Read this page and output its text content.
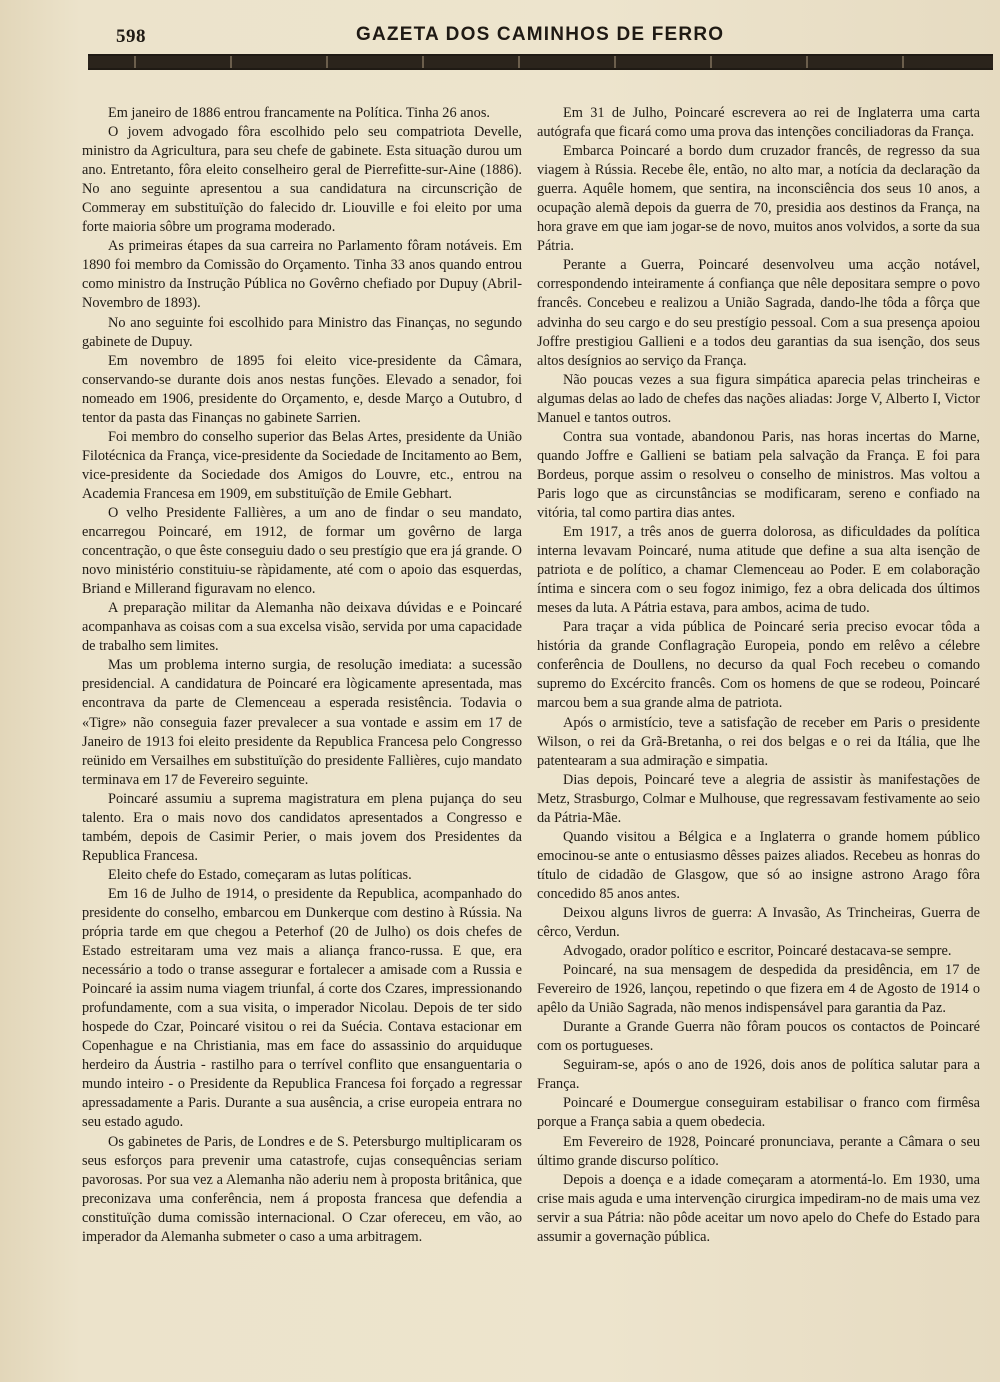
598	GAZETA DOS CAMINHOS DE FERRO

Em janeiro de 1886 entrou francamente na Política. Tinha 26 anos.

O jovem advogado fôra escolhido pelo seu compatriota Develle, ministro da Agricultura, para seu chefe de gabinete. Esta situação durou um ano. Entretanto, fôra eleito conselheiro geral de Pierrefitte-sur-Aine (1886). No ano seguinte apresentou a sua candidatura na circunscrição de Commeray em substituïção do falecido dr. Liouville e foi eleito por uma forte maioria sôbre um programa moderado.

As primeiras étapes da sua carreira no Parlamento fôram notáveis. Em 1890 foi membro da Comissão do Orçamento. Tinha 33 anos quando entrou como ministro da Instrução Pública no Govêrno chefiado por Dupuy (Abril-Novembro de 1893).

No ano seguinte foi escolhido para Ministro das Finanças, no segundo gabinete de Dupuy.

Em novembro de 1895 foi eleito vice-presidente da Câmara, conservando-se durante dois anos nestas funções. Elevado a senador, foi nomeado em 1906, presidente do Orçamento, e, desde Março a Outubro, d tentor da pasta das Finanças no gabinete Sarrien.

Foi membro do conselho superior das Belas Artes, presidente da União Filotécnica da França, vice-presidente da Sociedade de Incitamento ao Bem, vice-presidente da Sociedade dos Amigos do Louvre, etc., entrou na Academia Francesa em 1909, em substituïção de Emile Gebhart.

O velho Presidente Fallières, a um ano de findar o seu mandato, encarregou Poincaré, em 1912, de formar um govêrno de larga concentração, o que êste conseguiu dado o seu prestígio que era já grande. O novo ministério constituiu-se ràpidamente, até com o apoio das esquerdas, Briand e Millerand figuravam no elenco.

A preparação militar da Alemanha não deixava dúvidas e e Poincaré acompanhava as coisas com a sua excelsa visão, servida por uma capacidade de trabalho sem limites.

Mas um problema interno surgia, de resolução imediata: a sucessão presidencial. A candidatura de Poincaré era lògicamente apresentada, mas encontrava da parte de Clemenceau a esperada resistência. Todavia o «Tigre» não conseguia fazer prevalecer a sua vontade e assim em 17 de Janeiro de 1913 foi eleito presidente da Republica Francesa pelo Congresso reünido em Versailhes em substituïção do presidente Fallières, cujo mandato terminava em 17 de Fevereiro seguinte.

Poincaré assumiu a suprema magistratura em plena pujança do seu talento. Era o mais novo dos candidatos apresentados a Congresso e também, depois de Casimir Perier, o mais jovem dos Presidentes da Republica Francesa.

Eleito chefe do Estado, começaram as lutas políticas.

Em 16 de Julho de 1914, o presidente da Republica, acompanhado do presidente do conselho, embarcou em Dunkerque com destino à Rússia. Na própria tarde em que chegou a Peterhof (20 de Julho) os dois chefes de Estado estreitaram uma vez mais a aliança franco-russa. E que, era necessário a todo o transe assegurar e fortalecer a amisade com a Russia e Poincaré ia assim numa viagem triunfal, á corte dos Czares, impressionando profundamente, com a sua visita, o imperador Nicolau. Depois de ter sido hospede do Czar, Poincaré visitou o rei da Suécia. Contava estacionar em Copenhague e na Christiania, mas em face do assassinio do arquiduque herdeiro da Áustria - rastilho para o terrível conflito que ensanguentaria o mundo inteiro - o Presidente da Republica Francesa foi forçado a regressar apressadamente a Paris. Durante a sua ausência, a crise europeia entrara no seu estado agudo.

Os gabinetes de Paris, de Londres e de S. Petersburgo multiplicaram os seus esforços para prevenir uma catastrofe, cujas consequências seriam pavorosas. Por sua vez a Alemanha não aderiu nem à proposta britânica, que preconizava uma conferência, nem á proposta francesa que defendia a constituïção duma comissão internacional. O Czar ofereceu, em vão, ao imperador da Alemanha submeter o caso a uma arbitragem.

Em 31 de Julho, Poincaré escrevera ao rei de Inglaterra uma carta autógrafa que ficará como uma prova das intenções conciliadoras da França.

Embarca Poincaré a bordo dum cruzador francês, de regresso da sua viagem à Rússia. Recebe êle, então, no alto mar, a notícia da declaração da guerra. Aquêle homem, que sentira, na inconsciência dos seus 10 anos, a ocupação alemã depois da guerra de 70, presidia aos destinos da França, na hora grave em que iam jogar-se de novo, muitos anos volvidos, a sorte da sua Pátria.

Perante a Guerra, Poincaré desenvolveu uma acção notável, correspondendo inteiramente á confiança que nêle depositara sempre o povo francês. Concebeu e realizou a União Sagrada, dando-lhe tôda a fôrça que advinha do seu cargo e do seu prestígio pessoal. Com a sua presença apoiou Joffre prestigiou Gallieni e a todos deu garantias da sua isenção, dos seus altos desígnios ao serviço da França.

Não poucas vezes a sua figura simpática aparecia pelas trincheiras e algumas delas ao lado de chefes das nações aliadas: Jorge V, Alberto I, Victor Manuel e tantos outros.

Contra sua vontade, abandonou Paris, nas horas incertas do Marne, quando Joffre e Gallieni se batiam pela salvação da França. E foi para Bordeus, porque assim o resolveu o conselho de ministros. Mas voltou a Paris logo que as circunstâncias se modificaram, sereno e confiado na vitória, tal como partira dias antes.

Em 1917, a três anos de guerra dolorosa, as dificuldades da política interna levavam Poincaré, numa atitude que define a sua alta isenção de patriota e de político, a chamar Clemenceau ao Poder. E em colaboração íntima e sincera com o seu fogoz inimigo, fez a obra delicada dos últimos meses da luta. A Pátria estava, para ambos, acima de tudo.

Para traçar a vida pública de Poincaré seria preciso evocar tôda a história da grande Conflagração Europeia, pondo em relêvo a célebre conferência de Doullens, no decurso da qual Foch recebeu o comando supremo do Excército francês. Com os homens de que se rodeou, Poincaré marcou bem a sua grande alma de patriota.

Após o armistício, teve a satisfação de receber em Paris o presidente Wilson, o rei da Grã-Bretanha, o rei dos belgas e o rei da Itália, que lhe patentearam a sua admiração e simpatia.

Dias depois, Poincaré teve a alegria de assistir às manifestações de Metz, Strasburgo, Colmar e Mulhouse, que regressavam festivamente ao seio da Pátria-Mãe.

Quando visitou a Bélgica e a Inglaterra o grande homem público emocinou-se ante o entusiasmo dêsses paizes aliados. Recebeu as honras do título de cidadão de Glasgow, que só ao insigne astrono Arago fôra concedido 85 anos antes.

Deixou alguns livros de guerra: A Invasão, As Trincheiras, Guerra de cêrco, Verdun.

Advogado, orador político e escritor, Poincaré destacava-se sempre.

Poincaré, na sua mensagem de despedida da presidência, em 17 de Fevereiro de 1926, lançou, repetindo o que fizera em 4 de Agosto de 1914 o apêlo da União Sagrada, não menos indispensável para garantia da Paz.

Durante a Grande Guerra não fôram poucos os contactos de Poincaré com os portugueses.

Seguiram-se, após o ano de 1926, dois anos de política salutar para a França.

Poincaré e Doumergue conseguiram estabilisar o franco com firmêsa porque a França sabia a quem obedecia.

Em Fevereiro de 1928, Poincaré pronunciava, perante a Câmara o seu último grande discurso político.

Depois a doença e a idade começaram a atormentá-lo. Em 1930, uma crise mais aguda e uma intervenção cirurgica impediram-no de mais uma vez servir a sua Pátria: não pôde aceitar um novo apelo do Chefe do Estado para assumir a governação pública.
